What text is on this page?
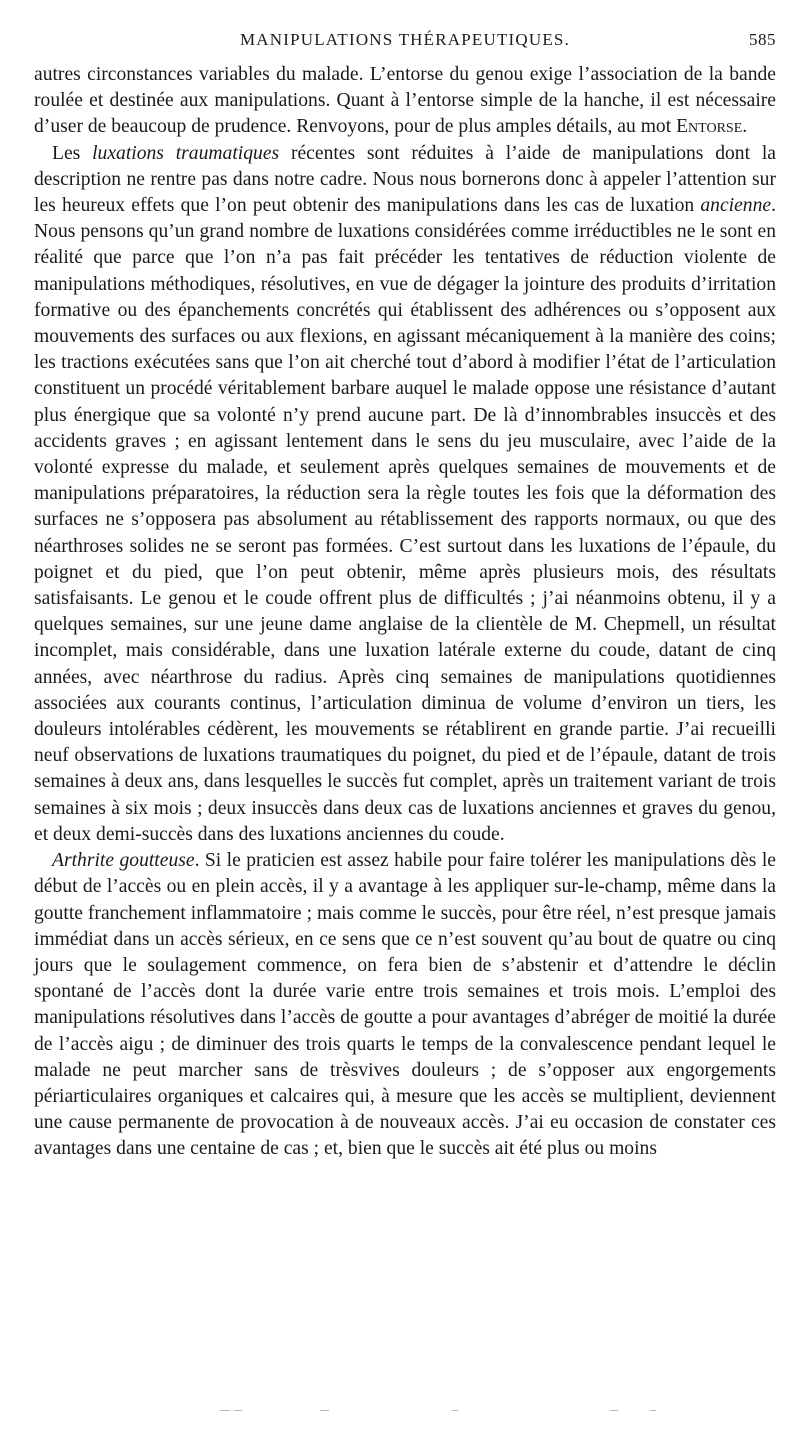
MANIPULATIONS THÉRAPEUTIQUES.	585

autres circonstances variables du malade. L’entorse du genou exige l’association de la bande roulée et destinée aux manipulations. Quant à l’entorse simple de la hanche, il est nécessaire d’user de beaucoup de prudence. Renvoyons, pour de plus amples détails, au mot Entorse.

Les luxations traumatiques récentes sont réduites à l’aide de manipulations dont la description ne rentre pas dans notre cadre. Nous nous bornerons donc à appeler l’attention sur les heureux effets que l’on peut obtenir des manipulations dans les cas de luxation ancienne. Nous pensons qu’un grand nombre de luxations considérées comme irréductibles ne le sont en réalité que parce que l’on n’a pas fait précéder les tentatives de réduction violente de manipulations méthodiques, résolutives, en vue de dégager la jointure des produits d’irritation formative ou des épanchements concrétés qui établissent des adhérences ou s’opposent aux mouvements des surfaces ou aux flexions, en agissant mécaniquement à la manière des coins; les tractions exécutées sans que l’on ait cherché tout d’abord à modifier l’état de l’articulation constituent un procédé véritablement barbare auquel le malade oppose une résistance d’autant plus énergique que sa volonté n’y prend aucune part. De là d’innombrables insuccès et des accidents graves ; en agissant lentement dans le sens du jeu musculaire, avec l’aide de la volonté expresse du malade, et seulement après quelques semaines de mouvements et de manipulations préparatoires, la réduction sera la règle toutes les fois que la déformation des surfaces ne s’opposera pas absolument au rétablissement des rapports normaux, ou que des néarthroses solides ne se seront pas formées. C’est surtout dans les luxations de l’épaule, du poignet et du pied, que l’on peut obtenir, même après plusieurs mois, des résultats satisfaisants. Le genou et le coude offrent plus de difficultés ; j’ai néanmoins obtenu, il y a quelques semaines, sur une jeune dame anglaise de la clientèle de M. Chepmell, un résultat incomplet, mais considérable, dans une luxation latérale externe du coude, datant de cinq années, avec néarthrose du radius. Après cinq semaines de manipulations quotidiennes associées aux courants continus, l’articulation diminua de volume d’environ un tiers, les douleurs intolérables cédèrent, les mouvements se rétablirent en grande partie. J’ai recueilli neuf observations de luxations traumatiques du poignet, du pied et de l’épaule, datant de trois semaines à deux ans, dans lesquelles le succès fut complet, après un traitement variant de trois semaines à six mois ; deux insuccès dans deux cas de luxations anciennes et graves du genou, et deux demi-succès dans des luxations anciennes du coude.

Arthrite goutteuse. Si le praticien est assez habile pour faire tolérer les manipulations dès le début de l’accès ou en plein accès, il y a avantage à les appliquer sur-le-champ, même dans la goutte franchement inflammatoire ; mais comme le succès, pour être réel, n’est presque jamais immédiat dans un accès sérieux, en ce sens que ce n’est souvent qu’au bout de quatre ou cinq jours que le soulagement commence, on fera bien de s’abstenir et d’attendre le déclin spontané de l’accès dont la durée varie entre trois semaines et trois mois. L’emploi des manipulations résolutives dans l’accès de goutte a pour avantages d’abréger de moitié la durée de l’accès aigu ; de diminuer des trois quarts le temps de la convalescence pendant lequel le malade ne peut marcher sans de trèsvives douleurs ; de s’opposer aux engorgements périarticulaires organiques et calcaires qui, à mesure que les accès se multiplient, deviennent une cause permanente de provocation à de nouveaux accès. J’ai eu occasion de constater ces avantages dans une centaine de cas ; et, bien que le succès ait été plus ou moins
